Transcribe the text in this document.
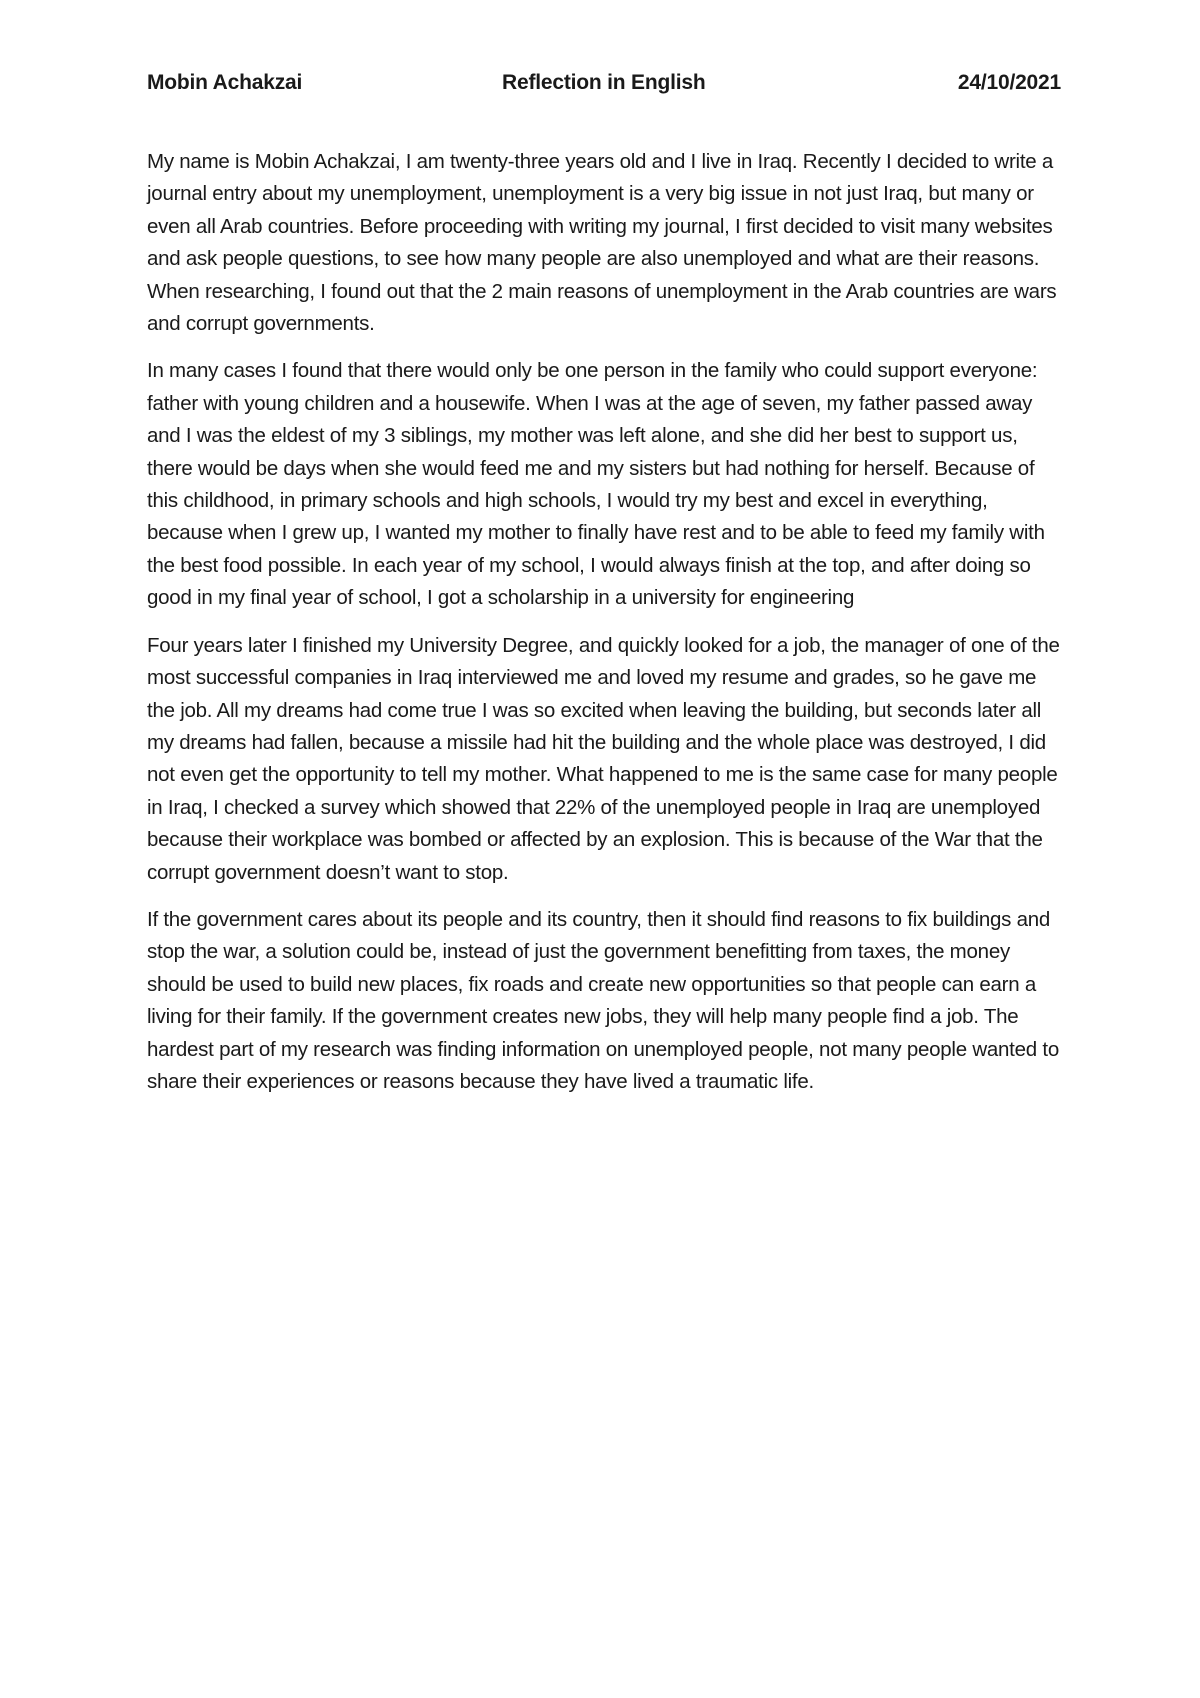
Mobin Achakzai	Reflection in English	24/10/2021

My name is Mobin Achakzai, I am twenty-three years old and I live in Iraq. Recently I decided to write a journal entry about my unemployment, unemployment is a very big issue in not just Iraq, but many or even all Arab countries. Before proceeding with writing my journal, I first decided to visit many websites and ask people questions, to see how many people are also unemployed and what are their reasons. When researching, I found out that the 2 main reasons of unemployment in the Arab countries are wars and corrupt governments.

In many cases I found that there would only be one person in the family who could support everyone: father with young children and a housewife. When I was at the age of seven, my father passed away and I was the eldest of my 3 siblings, my mother was left alone, and she did her best to support us, there would be days when she would feed me and my sisters but had nothing for herself. Because of this childhood, in primary schools and high schools, I would try my best and excel in everything, because when I grew up, I wanted my mother to finally have rest and to be able to feed my family with the best food possible. In each year of my school, I would always finish at the top, and after doing so good in my final year of school, I got a scholarship in a university for engineering

Four years later I finished my University Degree, and quickly looked for a job, the manager of one of the most successful companies in Iraq interviewed me and loved my resume and grades, so he gave me the job. All my dreams had come true I was so excited when leaving the building, but seconds later all my dreams had fallen, because a missile had hit the building and the whole place was destroyed, I did not even get the opportunity to tell my mother. What happened to me is the same case for many people in Iraq, I checked a survey which showed that 22% of the unemployed people in Iraq are unemployed because their workplace was bombed or affected by an explosion. This is because of the War that the corrupt government doesn’t want to stop.

If the government cares about its people and its country, then it should find reasons to fix buildings and stop the war, a solution could be, instead of just the government benefitting from taxes, the money should be used to build new places, fix roads and create new opportunities so that people can earn a living for their family. If the government creates new jobs, they will help many people find a job. The hardest part of my research was finding information on unemployed people, not many people wanted to share their experiences or reasons because they have lived a traumatic life.
